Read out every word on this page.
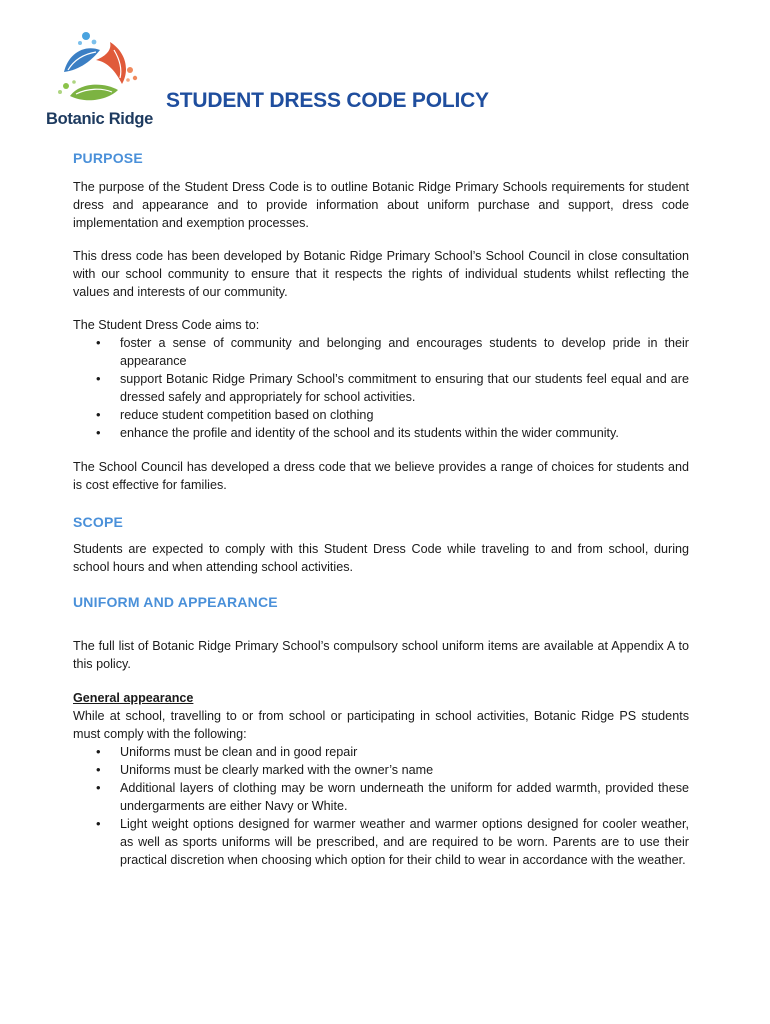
Botanic Ridge
STUDENT DRESS CODE POLICY
PURPOSE

The purpose of the Student Dress Code is to outline Botanic Ridge Primary Schools requirements for student dress and appearance and to provide information about uniform purchase and support, dress code implementation and exemption processes.

This dress code has been developed by Botanic Ridge Primary School’s School Council in close consultation with our school community to ensure that it respects the rights of individual students whilst reflecting the values and interests of our community.

The Student Dress Code aims to:

• foster a sense of community and belonging and encourages students to develop pride in their appearance
• support Botanic Ridge Primary School’s commitment to ensuring that our students feel equal and are dressed safely and appropriately for school activities.
• reduce student competition based on clothing
• enhance the profile and identity of the school and its students within the wider community.

The School Council has developed a dress code that we believe provides a range of choices for students and is cost effective for families.

SCOPE

Students are expected to comply with this Student Dress Code while traveling to and from school, during school hours and when attending school activities.

UNIFORM AND APPEARANCE

The full list of Botanic Ridge Primary School’s compulsory school uniform items are available at Appendix A to this policy.

General appearance

While at school, travelling to or from school or participating in school activities, Botanic Ridge PS students must comply with the following:

• Uniforms must be clean and in good repair
• Uniforms must be clearly marked with the owner’s name
• Additional layers of clothing may be worn underneath the uniform for added warmth, provided these undergarments are either Navy or White.
• Light weight options designed for warmer weather and warmer options designed for cooler weather, as well as sports uniforms will be prescribed, and are required to be worn. Parents are to use their practical discretion when choosing which option for their child to wear in accordance with the weather.
